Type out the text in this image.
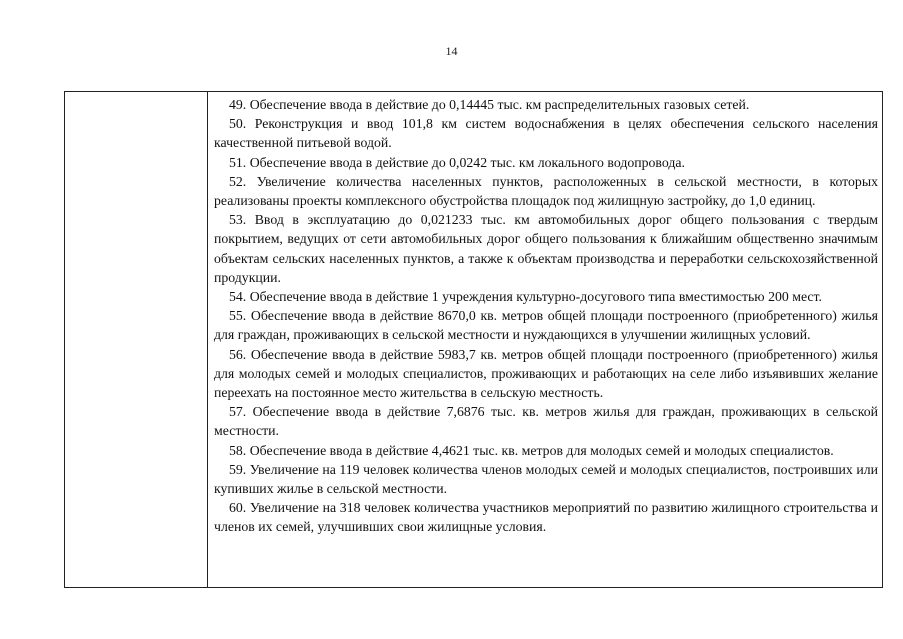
14

49. Обеспечение ввода в действие до 0,14445 тыс. км распределительных газовых сетей.

50. Реконструкция и ввод 101,8 км систем водоснабжения в целях обеспечения сельского населения качественной питьевой водой.

51. Обеспечение ввода в действие до 0,0242 тыс. км локального водопровода.

52. Увеличение количества населенных пунктов, расположенных в сельской местности, в которых реализованы проекты комплексного обустройства площадок под жилищную застройку, до 1,0 единиц.

53. Ввод в эксплуатацию до 0,021233 тыс. км автомобильных дорог общего пользования с твердым покрытием, ведущих от сети автомобильных дорог общего пользования к ближайшим общественно значимым объектам сельских населенных пунктов, а также к объектам производства и переработки сельскохозяйственной продукции.

54. Обеспечение ввода в действие 1 учреждения культурно-досугового типа вместимостью 200 мест.

55. Обеспечение ввода в действие 8670,0 кв. метров общей площади построенного (приобретенного) жилья для граждан, проживающих в сельской местности и нуждающихся в улучшении жилищных условий.

56. Обеспечение ввода в действие 5983,7 кв. метров общей площади построенного (приобретенного) жилья для молодых семей и молодых специалистов, проживающих и работающих на селе либо изъявивших желание переехать на постоянное место жительства в сельскую местность.

57. Обеспечение ввода в действие 7,6876 тыс. кв. метров жилья для граждан, проживающих в сельской местности.

58. Обеспечение ввода в действие 4,4621 тыс. кв. метров для молодых семей и молодых специалистов.

59. Увеличение на 119 человек количества членов молодых семей и молодых специалистов, построивших или купивших жилье в сельской местности.

60. Увеличение на 318 человек количества участников мероприятий по развитию жилищного строительства и членов их семей, улучшивших свои жилищные условия.
